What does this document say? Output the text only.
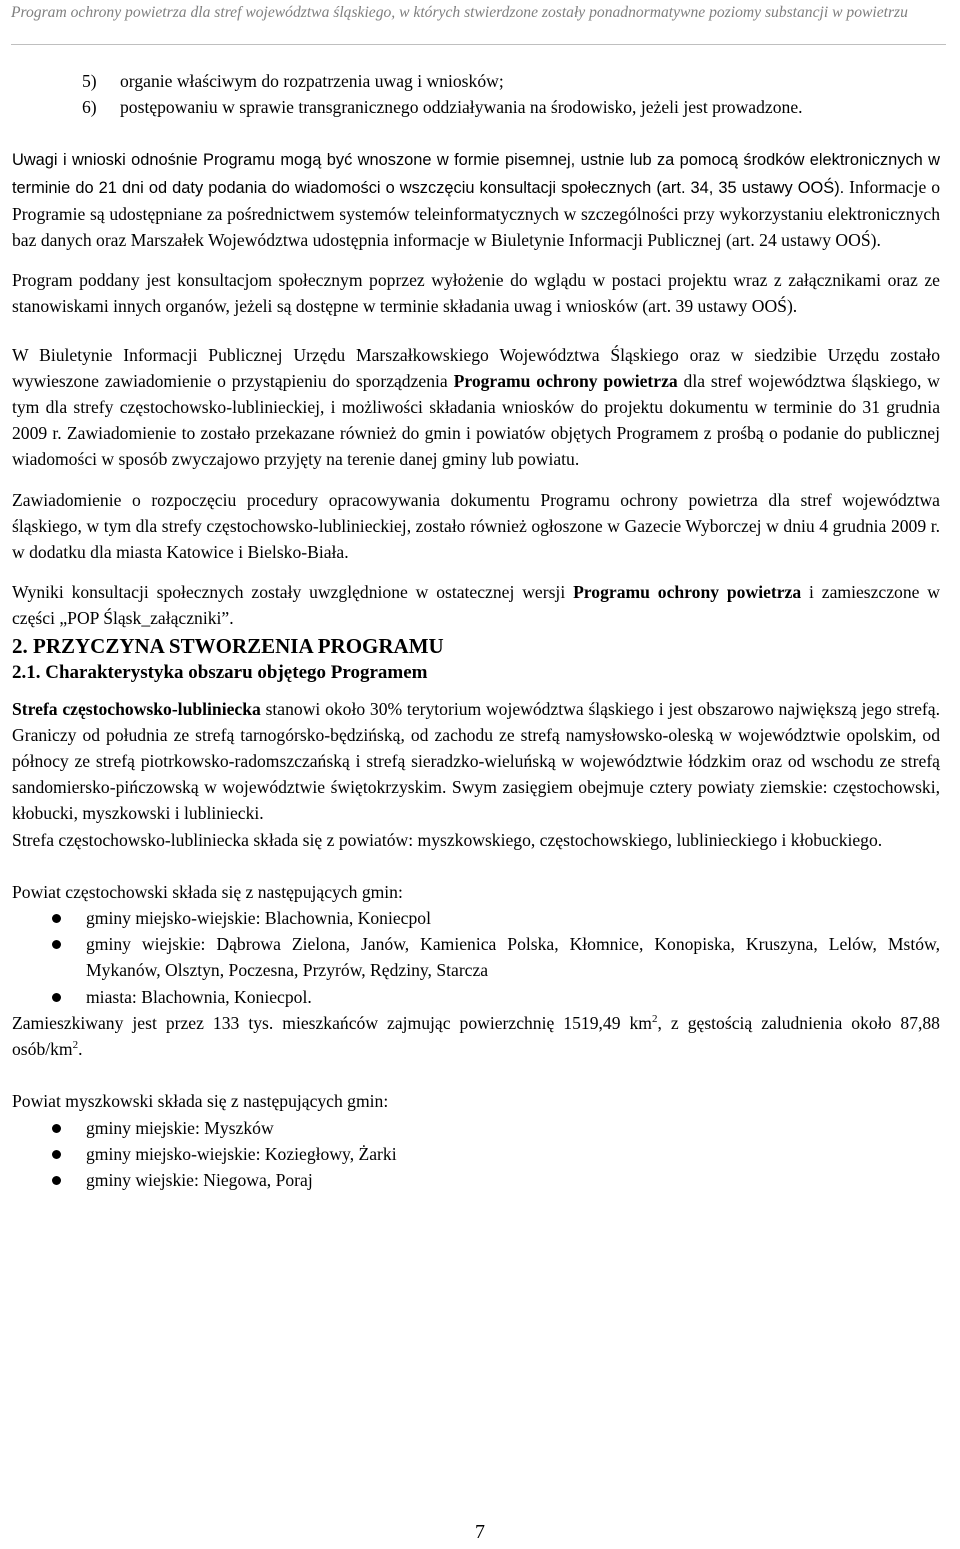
Program ochrony powietrza dla stref województwa śląskiego, w których stwierdzone zostały ponadnormatywne poziomy substancji w powietrzu
5)	organie właściwym do rozpatrzenia uwag i wniosków;
6)	postępowaniu w sprawie transgranicznego oddziaływania na środowisko, jeżeli jest prowadzone.

Uwagi i wnioski odnośnie Programu mogą być wnoszone w formie pisemnej, ustnie lub za pomocą środków elektronicznych w terminie do 21 dni od daty podania do wiadomości o wszczęciu konsultacji społecznych (art. 34, 35 ustawy OOŚ). Informacje o Programie są udostępniane za pośrednictwem systemów teleinformatycznych w szczególności przy wykorzystaniu elektronicznych baz danych oraz Marszałek Województwa udostępnia informacje w Biuletynie Informacji Publicznej (art. 24 ustawy OOŚ).

Program poddany jest konsultacjom społecznym poprzez wyłożenie do wglądu w postaci projektu wraz z załącznikami oraz ze stanowiskami innych organów, jeżeli są dostępne w terminie składania uwag i wniosków (art. 39 ustawy OOŚ).

W Biuletynie Informacji Publicznej Urzędu Marszałkowskiego Województwa Śląskiego oraz w siedzibie Urzędu zostało wywieszone zawiadomienie o przystąpieniu do sporządzenia Programu ochrony powietrza dla stref województwa śląskiego, w tym dla strefy częstochowsko-lublinieckiej, i możliwości składania wniosków do projektu dokumentu w terminie do 31 grudnia 2009 r. Zawiadomienie to zostało przekazane również do gmin i powiatów objętych Programem z prośbą o podanie do publicznej wiadomości w sposób zwyczajowo przyjęty na terenie danej gminy lub powiatu.

Zawiadomienie o rozpoczęciu procedury opracowywania dokumentu Programu ochrony powietrza dla stref województwa śląskiego, w tym dla strefy częstochowsko-lublinieckiej, zostało również ogłoszone w Gazecie Wyborczej w dniu 4 grudnia 2009 r. w dodatku dla miasta Katowice i Bielsko-Biała.

Wyniki konsultacji społecznych zostały uwzględnione w ostatecznej wersji Programu ochrony powietrza i zamieszczone w części „POP Śląsk_załączniki”.

2. PRZYCZYNA STWORZENIA PROGRAMU

2.1. Charakterystyka obszaru objętego Programem

Strefa częstochowsko-lubliniecka stanowi około 30% terytorium województwa śląskiego i jest obszarowo największą jego strefą. Graniczy od południa ze strefą tarnogórsko-będzińską, od zachodu ze strefą namysłowsko-oleską w województwie opolskim, od północy ze strefą piotrkowsko-radomszczańską i strefą sieradzko-wieluńską w województwie łódzkim oraz od wschodu ze strefą sandomiersko-pińczowską w województwie świętokrzyskim. Swym zasięgiem obejmuje cztery powiaty ziemskie: częstochowski, kłobucki, myszkowski i lubliniecki.

Strefa częstochowsko-lubliniecka składa się z powiatów: myszkowskiego, częstochowskiego, lublinieckiego i kłobuckiego.

Powiat częstochowski składa się z następujących gmin:

gminy miejsko-wiejskie: Blachownia, Koniecpol
gminy wiejskie: Dąbrowa Zielona, Janów, Kamienica Polska, Kłomnice, Konopiska, Kruszyna, Lelów, Mstów, Mykanów, Olsztyn, Poczesna, Przyrów, Rędziny, Starcza
miasta: Blachownia, Koniecpol.

Zamieszkiwany jest przez 133 tys. mieszkańców zajmując powierzchnię 1519,49 $km^2$, z gęstością zaludnienia około 87,88 osób/$km^2$.

Powiat myszkowski składa się z następujących gmin:

gminy miejskie: Myszków
gminy miejsko-wiejskie: Koziegłowy, Żarki
gminy wiejskie: Niegowa, Poraj
7
